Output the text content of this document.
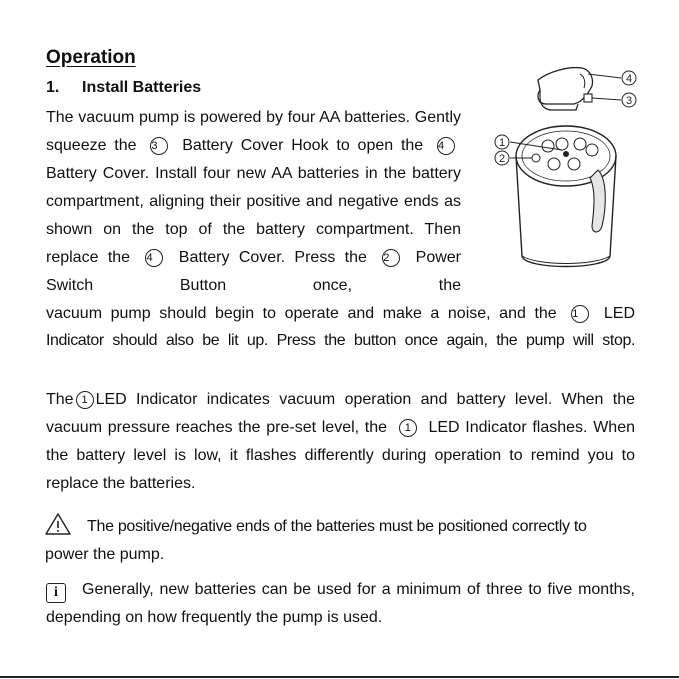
Operation
1. Install Batteries
The vacuum pump is powered by four AA batteries. Gently squeeze the 3 Battery Cover Hook to open the 4 Battery Cover. Install four new AA batteries in the battery compartment, aligning their positive and negative ends as shown on the top of the battery compartment. Then replace the 4 Battery Cover. Press the 2 Power Switch Button once, the
vacuum pump should begin to operate and make a noise, and the 1 LED
Indicator should also be lit up. Press the button once again, the pump will stop.
The 1 LED Indicator indicates vacuum operation and battery level. When the vacuum pressure reaches the pre-set level, the 1 LED Indicator flashes. When the battery level is low, it flashes differently during operation to remind you to replace the batteries.
The positive/negative ends of the batteries must be positioned correctly to
power the pump.
i Generally, new batteries can be used for a minimum of three to five months, depending on how frequently the pump is used.
4
3
1
2
